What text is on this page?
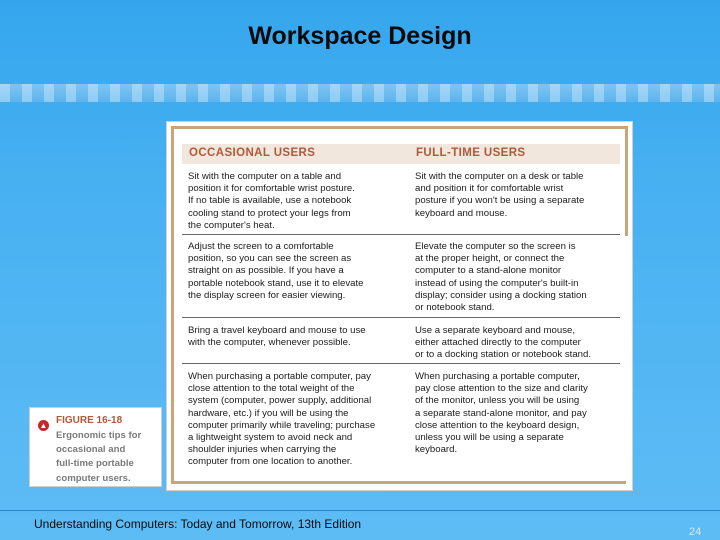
Workspace Design
OCCASIONAL USERS	FULL-TIME USERS
Sit with the computer on a table and
position it for comfortable wrist posture.
If no table is available, use a notebook
cooling stand to protect your legs from
the computer's heat.
Sit with the computer on a desk or table
and position it for comfortable wrist
posture if you won't be using a separate
keyboard and mouse.
Adjust the screen to a comfortable
position, so you can see the screen as
straight on as possible. If you have a
portable notebook stand, use it to elevate
the display screen for easier viewing.
Elevate the computer so the screen is
at the proper height, or connect the
computer to a stand-alone monitor
instead of using the computer's built-in
display; consider using a docking station
or notebook stand.
Bring a travel keyboard and mouse to use
with the computer, whenever possible.
Use a separate keyboard and mouse,
either attached directly to the computer
or to a docking station or notebook stand.
When purchasing a portable computer, pay
close attention to the total weight of the
system (computer, power supply, additional
hardware, etc.) if you will be using the
computer primarily while traveling; purchase
a lightweight system to avoid neck and
shoulder injuries when carrying the
computer from one location to another.
When purchasing a portable computer,
pay close attention to the size and clarity
of the monitor, unless you will be using
a separate stand-alone monitor, and pay
close attention to the keyboard design,
unless you will be using a separate
keyboard.
▲ FIGURE 16-18
Ergonomic tips for
occasional and
full-time portable
computer users.
Understanding Computers: Today and Tomorrow, 13th Edition
24
